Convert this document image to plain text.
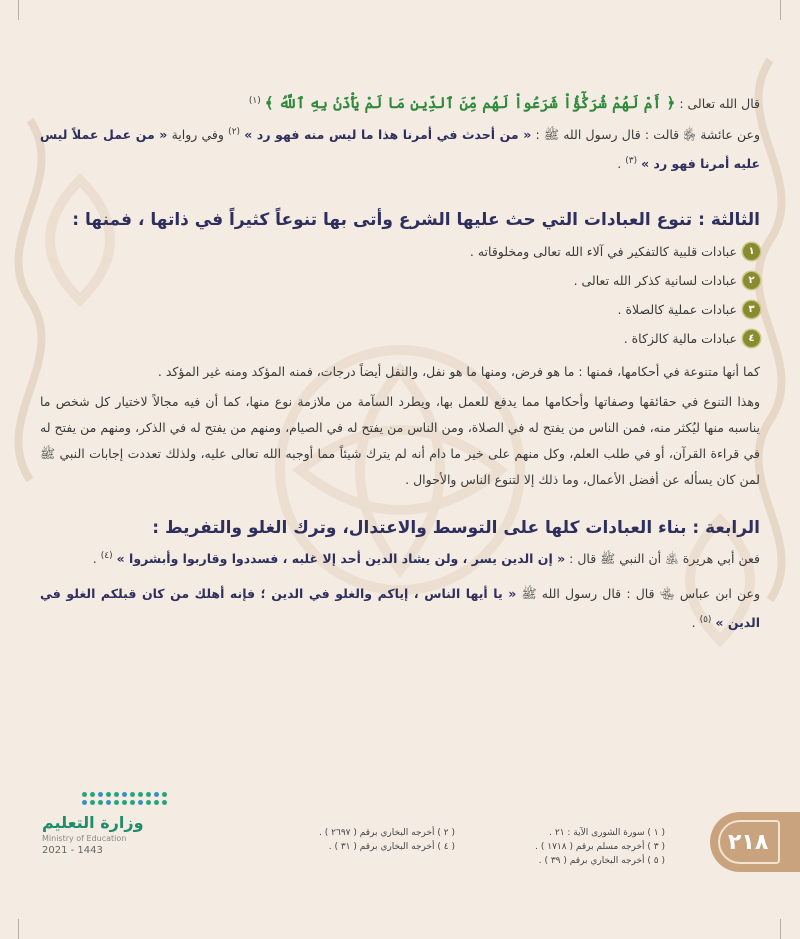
قال الله تعالى : ﴿ أَمْ لَهُمْ شُرَكَٰٓؤُاْ شَرَعُواْ لَهُم مِّنَ ٱلدِّينِ مَا لَمْ يَأْذَنۢ بِهِ ٱللَّهُ ﴾ $^{(١)}$

وعن عائشة ﵂ قالت : قال رسول الله ﷺ : « من أحدث في أمرنا هذا ما ليس منه فهو رد » $^{(٢)}$ وفي رواية « من عمل عملاً ليس عليه أمرنا فهو رد » $^{(٣)}$ .

الثالثة : تنوع العبادات التي حث عليها الشرع وأتى بها تنوعاً كثيراً في ذاتها ، فمنها :
١
عبادات قلبية كالتفكير في آلاء الله تعالى ومخلوقاته .
٢
عبادات لسانية كذكر الله تعالى .
٣
عبادات عملية كالصلاة .
٤
عبادات مالية كالزكاة .

كما أنها متنوعة في أحكامها، فمنها : ما هو فرض، ومنها ما هو نفل، والنفل أيضاً درجات، فمنه المؤكد ومنه غير المؤكد .

وهذا التنوع في حقائقها وصفاتها وأحكامها مما يدفع للعمل بها، ويطرد السآمة من ملازمة نوع منها، كما أن فيه مجالاً لاختيار كل شخص ما يناسبه منها ليُكثر منه، فمن الناس من يفتح له في الصلاة، ومن الناس من يفتح له في الصيام، ومنهم من يفتح له في الذكر، ومنهم من يفتح له في قراءة القرآن، أو في طلب العلم، وكل منهم على خير ما دام أنه لم يترك شيئاً مما أوجبه الله تعالى عليه، ولذلك تعددت إجابات النبي ﷺ لمن كان يسأله عن أفضل الأعمال، وما ذلك إلا لتنوع الناس والأحوال .

الرابعة : بناء العبادات كلها على التوسط والاعتدال، وترك الغلو والتفريط :

فعن أبي هريرة ﵁ أن النبي ﷺ قال : « إن الدين يسر ، ولن يشاد الدين أحد إلا غلبه ، فسددوا وقاربوا وأبشروا » $^{(٤)}$ .

وعن ابن عباس ﵄ قال : قال رسول الله ﷺ « يا أيها الناس ، إياكم والغلو في الدين ؛ فإنه أهلك من كان قبلكم الغلو في الدين » $^{(٥)}$ .

( ١ ) سورة الشورى الآية : ٢١ .
( ٣ ) أخرجه مسلم برقم ( ١٧١٨ ) .
( ٥ ) أخرجه البخاري برقم ( ٣٩ ) .
( ٢ ) أخرجه البخاري برقم ( ٢٦٩٧ ) .
( ٤ ) أخرجه البخاري برقم ( ٣١ ) .	٢١٨
وزارة التعليم
Ministry of Education
2021 - 1443
